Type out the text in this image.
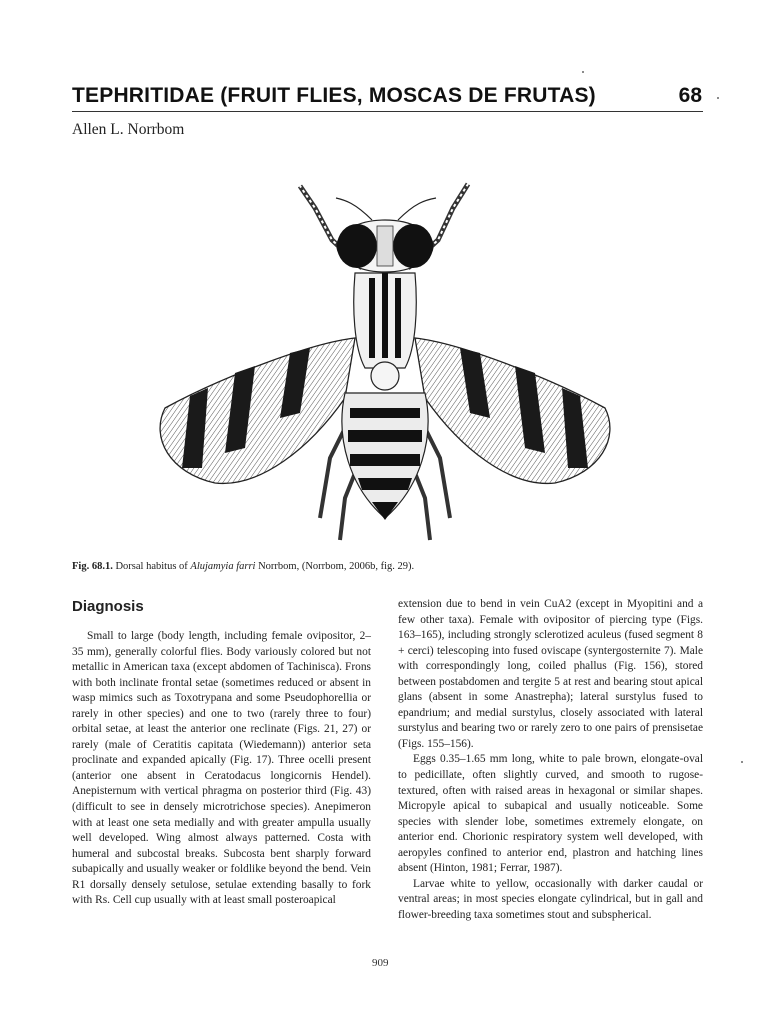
TEPHRITIDAE (FRUIT FLIES, MOSCAS DE FRUTAS)	68
Allen L. Norrbom
Fig. 68.1. Dorsal habitus of Alujamyia farri Norrbom, (Norrbom, 2006b, fig. 29).
Diagnosis

Small to large (body length, including female ovipositor, 2–35 mm), generally colorful flies. Body variously colored but not metallic in American taxa (except abdomen of Tachinisca). Frons with both inclinate frontal setae (sometimes reduced or absent in wasp mimics such as Toxotrypana and some Pseudophorellia or rarely in other species) and one to two (rarely three to four) orbital setae, at least the anterior one reclinate (Figs. 21, 27) or rarely (male of Ceratitis capitata (Wiedemann)) anterior seta proclinate and expanded apically (Fig. 17). Three ocelli present (anterior one absent in Ceratodacus longicornis Hendel). Anepisternum with vertical phragma on posterior third (Fig. 43) (difficult to see in densely microtrichose species). Anepimeron with at least one seta medially and with greater ampulla usually well developed. Wing almost always patterned. Costa with humeral and subcostal breaks. Subcosta bent sharply forward subapically and usually weaker or foldlike beyond the bend. Vein R1 dorsally densely setulose, setulae extending basally to fork with Rs. Cell cup usually with at least small posteroapical

extension due to bend in vein CuA2 (except in Myopitini and a few other taxa). Female with ovipositor of piercing type (Figs. 163–165), including strongly sclerotized aculeus (fused segment 8 + cerci) telescoping into fused oviscape (syntergosternite 7). Male with correspondingly long, coiled phallus (Fig. 156), stored between postabdomen and tergite 5 at rest and bearing stout apical glans (absent in some Anastrepha); lateral surstylus fused to epandrium; and medial surstylus, closely associated with lateral surstylus and bearing two or rarely zero to one pairs of prensisetae (Figs. 155–156).

Eggs 0.35–1.65 mm long, white to pale brown, elongate-oval to pedicillate, often slightly curved, and smooth to rugose-textured, often with raised areas in hexagonal or similar shapes. Micropyle apical to subapical and usually noticeable. Some species with slender lobe, sometimes extremely elongate, on anterior end. Chorionic respiratory system well developed, with aeropyles confined to anterior end, plastron and hatching lines absent (Hinton, 1981; Ferrar, 1987).

Larvae white to yellow, occasionally with darker caudal or ventral areas; in most species elongate cylindrical, but in gall and flower-breeding taxa sometimes stout and subspherical.

909
